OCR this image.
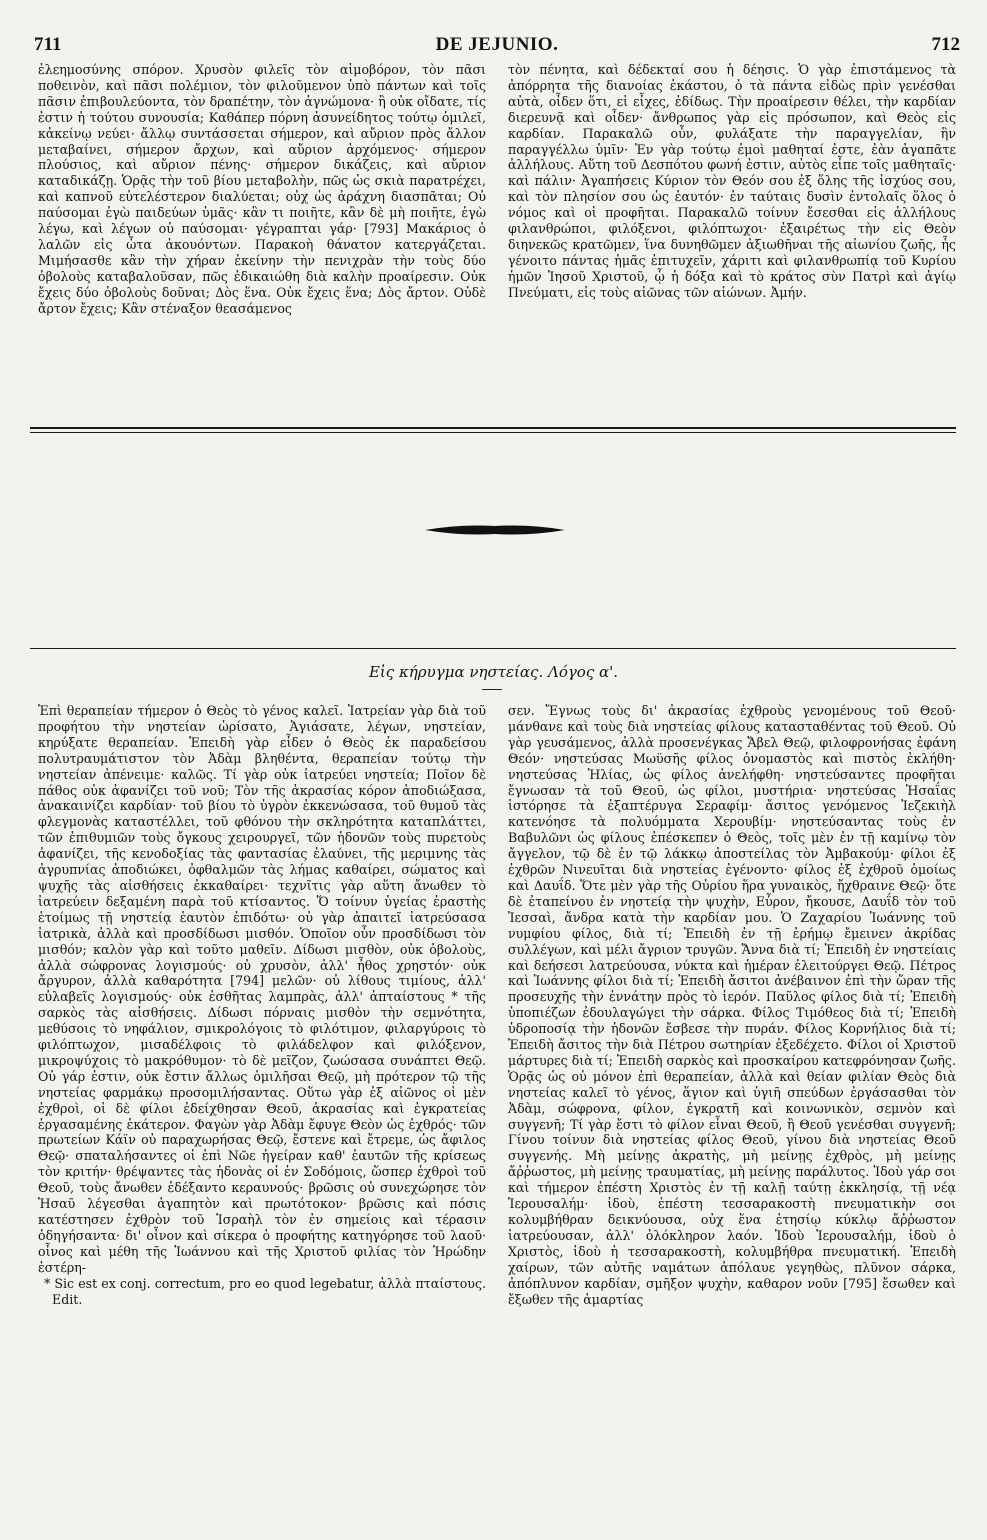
711	DE JEJUNIO.	712

ἐλεημοσύνης σπόρον. Χρυσὸν φιλεῖς τὸν αἱμοβόρον, τὸν πᾶσι ποθεινὸν, καὶ πᾶσι πολέμιον, τὸν φιλοῦμενον ὑπὸ πάντων καὶ τοῖς πᾶσιν ἐπιβουλεύοντα, τὸν δραπέτην, τὸν ἀγνώμονα· ἢ οὐκ οἴδατε, τίς ἐστιν ἡ τούτου συνουσία; Καθάπερ πόρνη ἀσυνείδητος τούτῳ ὁμιλεῖ, κἀκείνῳ νεύει· ἄλλῳ συντάσσεται σήμερον, καὶ αὔριον πρὸς ἄλλον μεταβαίνει, σήμερον ἄρχων, καὶ αὔριον ἀρχόμενος· σήμερον πλούσιος, καὶ αὔριον πένης· σήμερον δικάζεις, καὶ αὔριον καταδικάζῃ. Ὁρᾷς τὴν τοῦ βίου μεταβολὴν, πῶς ὡς σκιὰ παρατρέχει, καὶ καπνοῦ εὐτελέστερον διαλύεται; οὐχ ὡς ἀράχνη διασπᾶται; Οὐ παύσομαι ἐγὼ παιδεύων ὑμᾶς· κἂν τι ποιῆτε, κἂν δὲ μὴ ποιῆτε, ἐγὼ λέγω, καὶ λέγων οὐ παύσομαι· γέγραπται γάρ· [793] Μακάριος ὁ λαλῶν εἰς ὦτα ἀκουόντων. Παρακοὴ θάνατον κατεργάζεται. Μιμήσασθε κἂν τὴν χήραν ἐκείνην τὴν πενιχρὰν τὴν τοὺς δύο ὀβολοὺς καταβαλοῦσαν, πῶς ἐδικαιώθη διὰ καλὴν προαίρεσιν. Οὐκ ἔχεις δύο ὀβολοὺς δοῦναι; Δὸς ἕνα. Οὐκ ἔχεις ἕνα; Δὸς ἄρτον. Οὐδὲ ἄρτον ἔχεις; Κἂν στέναξον θεασάμενος

τὸν πένητα, καὶ δέδεκταί σου ἡ δέησις. Ὁ γὰρ ἐπιστάμενος τὰ ἀπόρρητα τῆς διανοίας ἑκάστου, ὁ τὰ πάντα εἰδὼς πρὶν γενέσθαι αὐτὰ, οἶδεν ὅτι, εἰ εἶχες, ἐδίδως. Τὴν προαίρεσιν θέλει, τὴν καρδίαν διερευνᾷ καὶ οἶδεν· ἄνθρωπος γὰρ εἰς πρόσωπον, καὶ Θεὸς εἰς καρδίαν. Παρακαλῶ οὖν, φυλάξατε τὴν παραγγελίαν, ἣν παραγγέλλω ὑμῖν· Ἐν γὰρ τούτῳ ἐμοὶ μαθηταί ἐστε, ἐὰν ἀγαπᾶτε ἀλλήλους. Αὕτη τοῦ Δεσπότου φωνή ἐστιν, αὐτὸς εἶπε τοῖς μαθηταῖς· καὶ πάλιν· Ἀγαπήσεις Κύριον τὸν Θεόν σου ἐξ ὅλης τῆς ἰσχύος σου, καὶ τὸν πλησίον σου ὡς ἑαυτόν· ἐν ταύταις δυσὶν ἐντολαῖς ὅλος ὁ νόμος καὶ οἱ προφῆται. Παρακαλῶ τοίνυν ἔσεσθαι εἰς ἀλλήλους φιλανθρώποι, φιλόξενοι, φιλόπτωχοι· ἐξαιρέτως τὴν εἰς Θεὸν διηνεκῶς κρατῶμεν, ἵνα δυνηθῶμεν ἀξιωθῆναι τῆς αἰωνίου ζωῆς, ἧς γένοιτο πάντας ἡμᾶς ἐπιτυχεῖν, χάριτι καὶ φιλανθρωπίᾳ τοῦ Κυρίου ἡμῶν Ἰησοῦ Χριστοῦ, ᾧ ἡ δόξα καὶ τὸ κράτος σὺν Πατρὶ καὶ ἁγίῳ Πνεύματι, εἰς τοὺς αἰῶνας τῶν αἰώνων. Ἀμήν.

Εἰς κήρυγμα νηστείας. Λόγος α'.

Ἐπὶ θεραπείαν τήμερον ὁ Θεὸς τὸ γένος καλεῖ. Ἰατρείαν γὰρ διὰ τοῦ προφήτου τὴν νηστείαν ὡρίσατο, Ἁγιάσατε, λέγων, νηστείαν, κηρύξατε θεραπείαν. Ἐπειδὴ γὰρ εἶδεν ὁ Θεὸς ἐκ παραδείσου πολυτραυμάτιστον τὸν Ἀδὰμ βληθέντα, θεραπείαν τούτῳ τὴν νηστείαν ἀπένειμε· καλῶς. Τί γὰρ οὐκ ἰατρεύει νηστεία; Ποῖον δὲ πάθος οὐκ ἀφανίζει τοῦ νοῦ; Τὸν τῆς ἀκρασίας κόρον ἀποδιώξασα, ἀνακαινίζει καρδίαν· τοῦ βίου τὸ ὑγρὸν ἐκκενώσασα, τοῦ θυμοῦ τὰς φλεγμονὰς καταστέλλει, τοῦ φθόνου τὴν σκληρότητα καταπλάττει, τῶν ἐπιθυμιῶν τοὺς ὄγκους χειρουργεῖ, τῶν ἡδονῶν τοὺς πυρετοὺς ἀφανίζει, τῆς κενοδοξίας τὰς φαντασίας ἐλαύνει, τῆς μεριμνης τὰς ἀγρυπνίας ἀποδιώκει, ὀφθαλμῶν τὰς λήμας καθαίρει, σώματος καὶ ψυχῆς τὰς αἰσθήσεις ἐκκαθαίρει· τεχνῖτις γὰρ αὕτη ἄνωθεν τὸ ἰατρεύειν δεξαμένη παρὰ τοῦ κτίσαντος. Ὅ τοίνυν ὑγείας ἐραστὴς ἑτοίμως τῇ νηστείᾳ ἑαυτὸν ἐπιδότω· οὐ γὰρ ἀπαιτεῖ ἰατρεύσασα ἰατρικὰ, ἀλλὰ καὶ προσδίδωσι μισθόν. Ὁποῖον οὖν προσδίδωσι τὸν μισθόν; καλὸν γὰρ καὶ τοῦτο μαθεῖν. Δίδωσι μισθὸν, οὐκ ὀβολοὺς, ἀλλὰ σώφρονας λογισμούς· οὐ χρυσὸν, ἀλλ' ἦθος χρηστόν· οὐκ ἄργυρον, ἀλλὰ καθαρότητα [794] μελῶν· οὐ λίθους τιμίους, ἀλλ' εὐλαβεῖς λογισμούς· οὐκ ἐσθῆτας λαμπρὰς, ἀλλ' ἀπταίστους * τῆς σαρκὸς τὰς αἰσθήσεις. Δίδωσι πόρναις μισθὸν τὴν σεμνότητα, μεθύσοις τὸ νηφάλιον, σμικρολόγοις τὸ φιλότιμον, φιλαργύροις τὸ φιλόπτωχον, μισαδέλφοις τὸ φιλάδελφον καὶ φιλόξενον, μικροψύχοις τὸ μακρόθυμον· τὸ δὲ μεῖζον, ζωώσασα συνάπτει Θεῷ. Οὐ γάρ ἐστιν, οὐκ ἔστιν ἄλλως ὁμιλῆσαι Θεῷ, μὴ πρότερον τῷ τῆς νηστείας φαρμάκῳ προσομιλήσαντας. Οὕτω γὰρ ἐξ αἰῶνος οἱ μὲν ἐχθροὶ, οἱ δὲ φίλοι ἐδείχθησαν Θεοῦ, ἀκρασίας καὶ ἐγκρατείας ἐργασαμένης ἑκάτερον. Φαγὼν γὰρ Ἀδὰμ ἔφυγε Θεὸν ὡς ἐχθρός· τῶν πρωτείων Κάϊν οὐ παραχωρήσας Θεῷ, ἔστενε καὶ ἔτρεμε, ὡς ἄφιλος Θεῷ· σπαταλήσαντες οἱ ἐπὶ Νῶε ἠγείραν καθ' ἑαυτῶν τῆς κρίσεως τὸν κριτήν· θρέψαντες τὰς ἡδονὰς οἱ ἐν Σοδόμοις, ὥσπερ ἐχθροὶ τοῦ Θεοῦ, τοὺς ἄνωθεν ἐδέξαντο κεραυνούς· βρῶσις οὐ συνεχώρησε τὸν Ἠσαῦ λέγεσθαι ἀγαπητὸν καὶ πρωτότοκον· βρῶσις καὶ πόσις κατέστησεν ἐχθρὸν τοῦ Ἰσραὴλ τὸν ἐν σημείοις καὶ τέρασιν ὁδηγήσαντα· δι' οἶνον καὶ σίκερα ὁ προφήτης κατηγόρησε τοῦ λαοῦ· οἶνος καὶ μέθη τῆς Ἰωάννου καὶ τῆς Χριστοῦ φιλίας τὸν Ἡρώδην ἐστέρη-

* Sic est ex conj. correctum, pro eo quod legebatur, ἀλλὰ πταίστους. Edit.

σεν. Ἔγνως τοὺς δι' ἀκρασίας ἐχθροὺς γενομένους τοῦ Θεοῦ· μάνθανε καὶ τοὺς διὰ νηστείας φίλους κατασταθέντας τοῦ Θεοῦ. Οὐ γὰρ γευσάμενος, ἀλλὰ προσενέγκας Ἄβελ Θεῷ, φιλοφρονήσας ἐφάνη Θεόν· νηστεύσας Μωϋσῆς φίλος ὀνομαστὸς καὶ πιστὸς ἐκλήθη· νηστεύσας Ἠλίας, ὡς φίλος ἀνελήφθη· νηστεύσαντες προφῆται ἔγνωσαν τὰ τοῦ Θεοῦ, ὡς φίλοι, μυστήρια· νηστεύσας Ἡσαΐας ἱστόρησε τὰ ἑξαπτέρυγα Σεραφίμ· ἄσιτος γενόμενος Ἰεζεκιὴλ κατενόησε τὰ πολυόμματα Χερουβίμ· νηστεύσαντας τοὺς ἐν Βαβυλῶνι ὡς φίλους ἐπέσκεπεν ὁ Θεὸς, τοῖς μὲν ἐν τῇ καμίνῳ τὸν ἄγγελον, τῷ δὲ ἐν τῷ λάκκῳ ἀποστείλας τὸν Ἀμβακούμ· φίλοι ἐξ ἐχθρῶν Νινευῖται διὰ νηστείας ἐγένοντο· φίλος ἐξ ἐχθροῦ ὁμοίως καὶ Δαυΐδ. Ὅτε μὲν γὰρ τῆς Οὐρίου ἥρα γυναικὸς, ἤχθραινε Θεῷ· ὅτε δὲ ἐταπείνου ἐν νηστείᾳ τὴν ψυχὴν, Εὗρον, ἤκουσε, Δαυΐδ τὸν τοῦ Ἰεσσαὶ, ἄνδρα κατὰ τὴν καρδίαν μου. Ὁ Ζαχαρίου Ἰωάννης τοῦ νυμφίου φίλος, διὰ τί; Ἐπειδὴ ἐν τῇ ἐρήμῳ ἔμεινεν ἀκρίδας συλλέγων, καὶ μέλι ἄγριον τρυγῶν. Ἄννα διὰ τί; Ἐπειδὴ ἐν νηστείαις καὶ δεήσεσι λατρεύουσα, νύκτα καὶ ἡμέραν ἐλειτούργει Θεῷ. Πέτρος καὶ Ἰωάννης φίλοι διὰ τί; Ἐπειδὴ ἄσιτοι ἀνέβαινον ἐπὶ τὴν ὥραν τῆς προσευχῆς τὴν ἐννάτην πρὸς τὸ ἱερόν. Παῦλος φίλος διὰ τί; Ἐπειδὴ ὑποπιέζων ἐδουλαγώγει τὴν σάρκα. Φίλος Τιμόθεος διὰ τί; Ἐπειδὴ ὑδροποσίᾳ τὴν ἡδονῶν ἔσβεσε τὴν πυράν. Φίλος Κορνήλιος διὰ τί; Ἐπειδὴ ἄσιτος τὴν διὰ Πέτρου σωτηρίαν ἐξεδέχετο. Φίλοι οἱ Χριστοῦ μάρτυρες διὰ τί; Ἐπειδὴ σαρκὸς καὶ προσκαίρου κατεφρόνησαν ζωῆς. Ὁρᾷς ὡς οὐ μόνον ἐπὶ θεραπείαν, ἀλλὰ καὶ θείαν φιλίαν Θεὸς διὰ νηστείας καλεῖ τὸ γένος, ἅγιον καὶ ὑγιῆ σπεύδων ἐργάσασθαι τὸν Ἀδὰμ, σώφρονα, φίλον, ἐγκρατῆ καὶ κοινωνικὸν, σεμνὸν καὶ συγγενῆ; Τί γὰρ ἔστι τὸ φίλον εἶναι Θεοῦ, ἢ Θεοῦ γενέσθαι συγγενῆ; Γίνου τοίνυν διὰ νηστείας φίλος Θεοῦ, γίνου διὰ νηστείας Θεοῦ συγγενής. Μὴ μείνῃς ἀκρατὴς, μὴ μείνῃς ἐχθρὸς, μὴ μείνῃς ἄῤῥωστος, μὴ μείνῃς τραυματίας, μὴ μείνῃς παράλυτος. Ἰδοὺ γάρ σοι καὶ τήμερον ἐπέστη Χριστὸς ἐν τῇ καλῇ ταύτῃ ἐκκλησίᾳ, τῇ νέᾳ Ἱερουσαλήμ· ἰδοὺ, ἐπέστη τεσσαρακοστὴ πνευματικὴν σοι κολυμβήθραν δεικνύουσα, οὐχ ἕνα ἐτησίῳ κύκλῳ ἄῤῥωστον ἰατρεύουσαν, ἀλλ' ὁλόκληρον λαόν. Ἰδοὺ Ἱερουσαλήμ, ἰδοὺ ὁ Χριστὸς, ἰδοὺ ἡ τεσσαρακοστὴ, κολυμβήθρα πνευματική. Ἐπειδὴ χαίρων, τῶν αὐτῆς ναμάτων ἀπόλαυε γεγηθὼς, πλῦνον σάρκα, ἀπόπλυνον καρδίαν, σμῆξον ψυχὴν, καθαρον νοῦν [795] ἔσωθεν καὶ ἔξωθεν τῆς ἁμαρτίας
